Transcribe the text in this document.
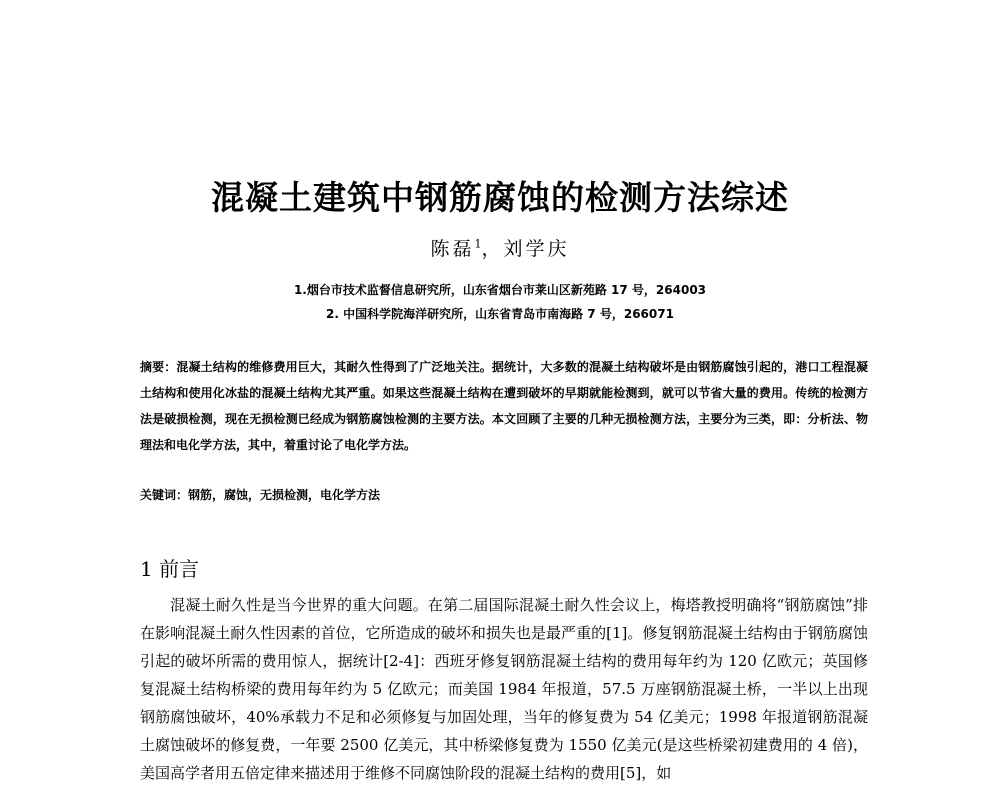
混凝土建筑中钢筋腐蚀的检测方法综述
陈磊$^1$，刘学庆
1.烟台市技术监督信息研究所，山东省烟台市莱山区新苑路 17 号，264003
2. 中国科学院海洋研究所，山东省青岛市南海路 7 号，266071
摘要：混凝土结构的维修费用巨大，其耐久性得到了广泛地关注。据统计，大多数的混凝土结构破坏是由钢筋腐蚀引起的，港口工程混凝土结构和使用化冰盐的混凝土结构尤其严重。如果这些混凝土结构在遭到破坏的早期就能检测到，就可以节省大量的费用。传统的检测方法是破损检测，现在无损检测已经成为钢筋腐蚀检测的主要方法。本文回顾了主要的几种无损检测方法，主要分为三类，即：分析法、物理法和电化学方法，其中，着重讨论了电化学方法。
关键词：钢筋，腐蚀，无损检测，电化学方法
1 前言
混凝土耐久性是当今世界的重大问题。在第二届国际混凝土耐久性会议上，梅塔教授明确将“钢筋腐蚀”排在影响混凝土耐久性因素的首位，它所造成的破坏和损失也是最严重的[1]。修复钢筋混凝土结构由于钢筋腐蚀引起的破坏所需的费用惊人，据统计[2-4]：西班牙修复钢筋混凝土结构的费用每年约为 120 亿欧元；英国修复混凝土结构桥梁的费用每年约为 5 亿欧元；而美国 1984 年报道，57.5 万座钢筋混凝土桥，一半以上出现钢筋腐蚀破坏，40%承载力不足和必须修复与加固处理，当年的修复费为 54 亿美元；1998 年报道钢筋混凝土腐蚀破坏的修复费，一年要 2500 亿美元，其中桥梁修复费为 1550 亿美元(是这些桥梁初建费用的 4 倍)，美国高学者用五倍定律来描述用于维修不同腐蚀阶段的混凝土结构的费用[5]，如
